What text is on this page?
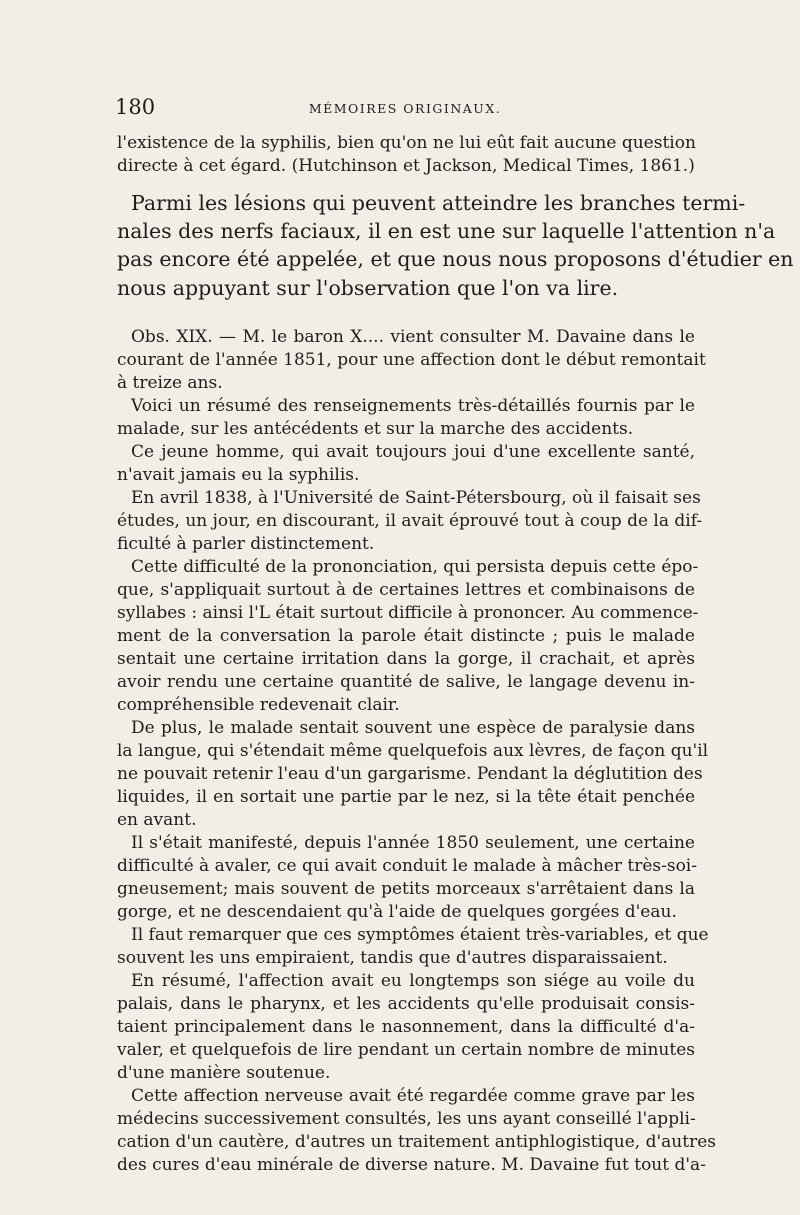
180	MÉMOIRES ORIGINAUX.
l'existence de la syphilis, bien qu'on ne lui eût fait aucune question
directe à cet égard. (Hutchinson et Jackson, Medical Times, 1861.)
Parmi les lésions qui peuvent atteindre les branches termi-
nales des nerfs faciaux, il en est une sur laquelle l'attention n'a
pas encore été appelée, et que nous nous proposons d'étudier en
nous appuyant sur l'observation que l'on va lire.
Obs. XIX. — M. le baron X.... vient consulter M. Davaine dans le
courant de l'année 1851, pour une affection dont le début remontait
à treize ans.
Voici un résumé des renseignements très-détaillés fournis par le
malade, sur les antécédents et sur la marche des accidents.
Ce jeune homme, qui avait toujours joui d'une excellente santé,
n'avait jamais eu la syphilis.
En avril 1838, à l'Université de Saint-Pétersbourg, où il faisait ses
études, un jour, en discourant, il avait éprouvé tout à coup de la dif-
ficulté à parler distinctement.
Cette difficulté de la prononciation, qui persista depuis cette épo-
que, s'appliquait surtout à de certaines lettres et combinaisons de
syllabes : ainsi l'L était surtout difficile à prononcer. Au commence-
ment de la conversation la parole était distincte ; puis le malade
sentait une certaine irritation dans la gorge, il crachait, et après
avoir rendu une certaine quantité de salive, le langage devenu in-
compréhensible redevenait clair.
De plus, le malade sentait souvent une espèce de paralysie dans
la langue, qui s'étendait même quelquefois aux lèvres, de façon qu'il
ne pouvait retenir l'eau d'un gargarisme. Pendant la déglutition des
liquides, il en sortait une partie par le nez, si la tête était penchée
en avant.
Il s'était manifesté, depuis l'année 1850 seulement, une certaine
difficulté à avaler, ce qui avait conduit le malade à mâcher très-soi-
gneusement; mais souvent de petits morceaux s'arrêtaient dans la
gorge, et ne descendaient qu'à l'aide de quelques gorgées d'eau.
Il faut remarquer que ces symptômes étaient très-variables, et que
souvent les uns empiraient, tandis que d'autres disparaissaient.
En résumé, l'affection avait eu longtemps son siége au voile du
palais, dans le pharynx, et les accidents qu'elle produisait consis-
taient principalement dans le nasonnement, dans la difficulté d'a-
valer, et quelquefois de lire pendant un certain nombre de minutes
d'une manière soutenue.
Cette affection nerveuse avait été regardée comme grave par les
médecins successivement consultés, les uns ayant conseillé l'appli-
cation d'un cautère, d'autres un traitement antiphlogistique, d'autres
des cures d'eau minérale de diverse nature. M. Davaine fut tout d'a-
